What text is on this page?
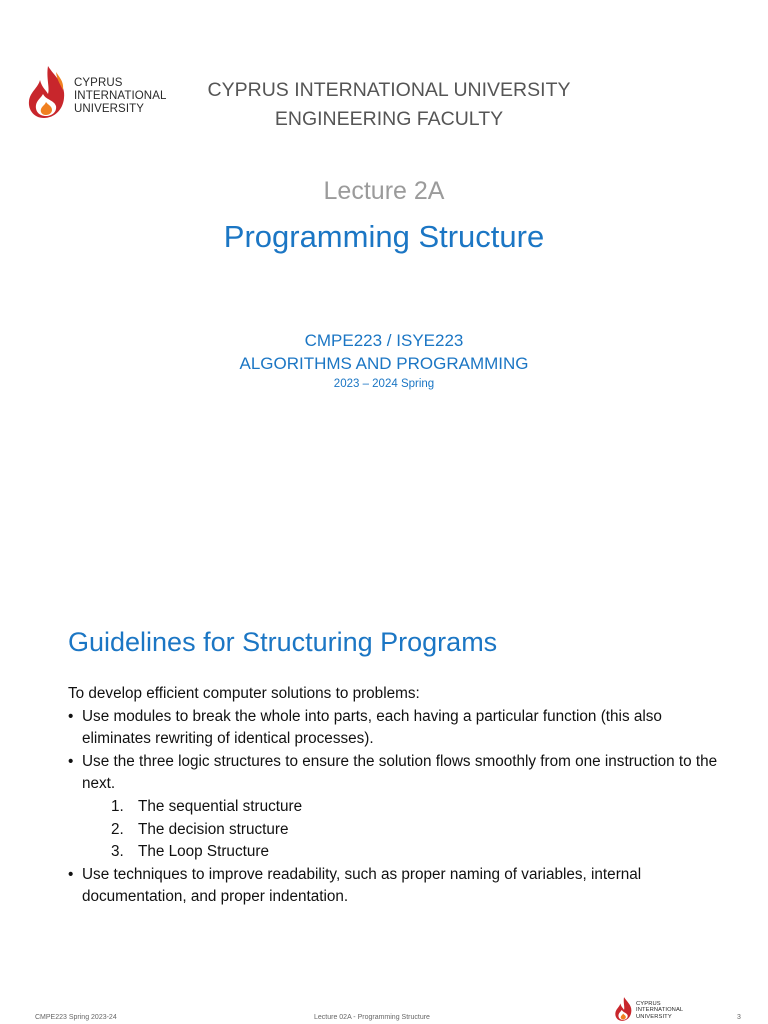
CYPRUS
INTERNATIONAL
UNIVERSITY
CYPRUS INTERNATIONAL UNIVERSITY
ENGINEERING FACULTY
Lecture 2A
Programming Structure
CMPE223 / ISYE223
ALGORITHMS AND PROGRAMMING
2023 – 2024 Spring
Guidelines for Structuring Programs

To develop efficient computer solutions to problems:

• Use modules to break the whole into parts, each having a particular function (this also eliminates rewriting of identical processes).
• Use the three logic structures to ensure the solution flows smoothly from one instruction to the next.
1. The sequential structure
2. The decision structure
3. The Loop Structure
• Use techniques to improve readability, such as proper naming of variables, internal documentation, and proper indentation.
CMPE223 Spring 2023-24	Lecture 02A - Programming Structure	3
CYPRUS
INTERNATIONAL
UNIVERSITY
